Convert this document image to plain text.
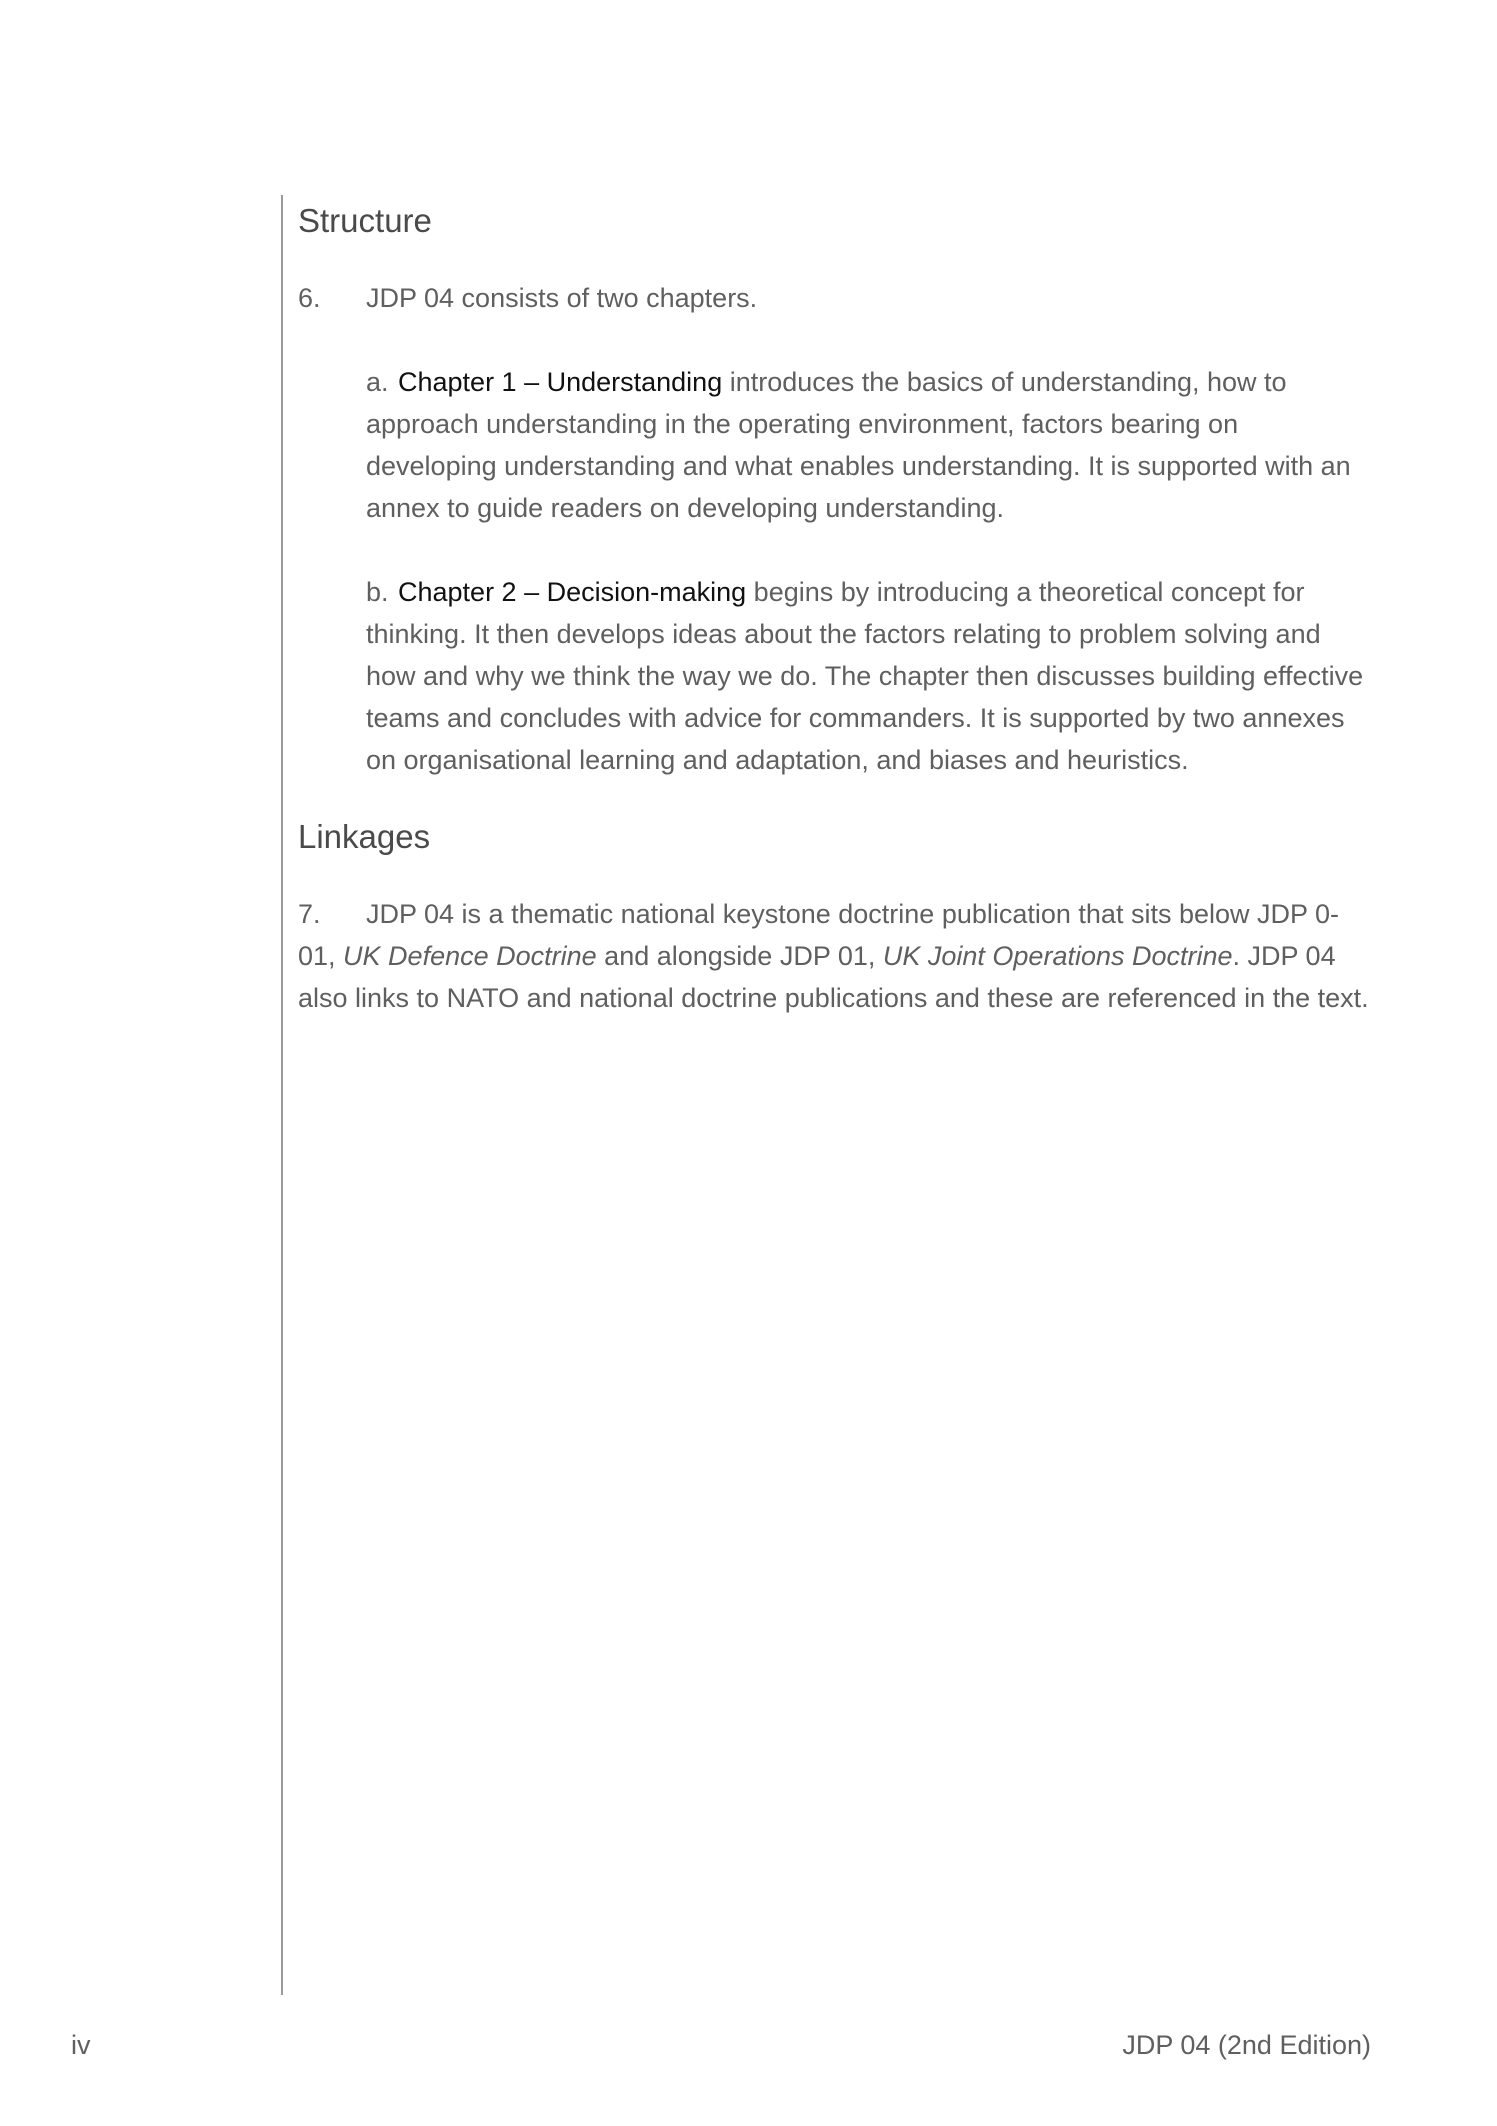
Structure

6. JDP 04 consists of two chapters.

a. Chapter 1 – Understanding introduces the basics of understanding, how to approach understanding in the operating environment, factors bearing on developing understanding and what enables understanding. It is supported with an annex to guide readers on developing understanding.

b. Chapter 2 – Decision-making begins by introducing a theoretical concept for thinking. It then develops ideas about the factors relating to problem solving and how and why we think the way we do. The chapter then discusses building effective teams and concludes with advice for commanders. It is supported by two annexes on organisational learning and adaptation, and biases and heuristics.

Linkages

7. JDP 04 is a thematic national keystone doctrine publication that sits below JDP 0-01, UK Defence Doctrine and alongside JDP 01, UK Joint Operations Doctrine. JDP 04 also links to NATO and national doctrine publications and these are referenced in the text.

iv	JDP 04 (2nd Edition)
